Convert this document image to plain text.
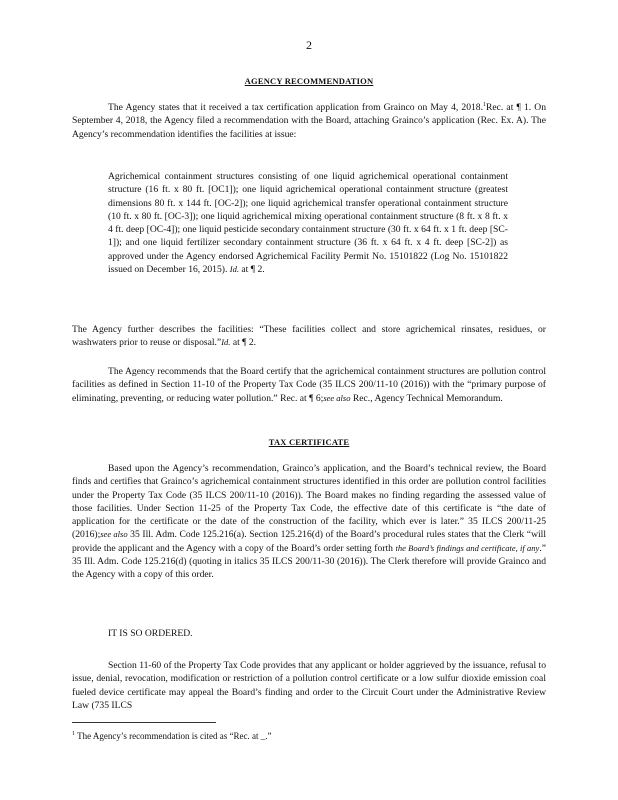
2
AGENCY RECOMMENDATION

The Agency states that it received a tax certification application from Grainco on May 4, 2018.$^1$Rec. at ¶ 1. On September 4, 2018, the Agency filed a recommendation with the Board, attaching Grainco’s application (Rec. Ex. A). The Agency’s recommendation identifies the facilities at issue:

Agrichemical containment structures consisting of one liquid agrichemical operational containment structure (16 ft. x 80 ft. [OC1]); one liquid agrichemical operational containment structure (greatest dimensions 80 ft. x 144 ft. [OC-2]); one liquid agrichemical transfer operational containment structure (10 ft. x 80 ft. [OC-3]); one liquid agrichemical mixing operational containment structure (8 ft. x 8 ft. x 4 ft. deep [OC-4]); one liquid pesticide secondary containment structure (30 ft. x 64 ft. x 1 ft. deep [SC-1]); and one liquid fertilizer secondary containment structure (36 ft. x 64 ft. x 4 ft. deep [SC-2]) as approved under the Agency endorsed Agrichemical Facility Permit No. 15101822 (Log No. 15101822 issued on December 16, 2015). Id. at ¶ 2.

The Agency further describes the facilities: “These facilities collect and store agrichemical rinsates, residues, or washwaters prior to reuse or disposal.”Id. at ¶ 2.

The Agency recommends that the Board certify that the agrichemical containment structures are pollution control facilities as defined in Section 11-10 of the Property Tax Code (35 ILCS 200/11-10 (2016)) with the “primary purpose of eliminating, preventing, or reducing water pollution.” Rec. at ¶ 6;see also Rec., Agency Technical Memorandum.

TAX CERTIFICATE

Based upon the Agency’s recommendation, Grainco’s application, and the Board’s technical review, the Board finds and certifies that Grainco’s agrichemical containment structures identified in this order are pollution control facilities under the Property Tax Code (35 ILCS 200/11-10 (2016)). The Board makes no finding regarding the assessed value of those facilities. Under Section 11-25 of the Property Tax Code, the effective date of this certificate is “the date of application for the certificate or the date of the construction of the facility, which ever is later.” 35 ILCS 200/11-25 (2016);see also 35 Ill. Adm. Code 125.216(a). Section 125.216(d) of the Board’s procedural rules states that the Clerk “will provide the applicant and the Agency with a copy of the Board’s order setting forth the Board’s findings and certificate, if any.” 35 Ill. Adm. Code 125.216(d) (quoting in italics 35 ILCS 200/11-30 (2016)). The Clerk therefore will provide Grainco and the Agency with a copy of this order.

IT IS SO ORDERED.

Section 11-60 of the Property Tax Code provides that any applicant or holder aggrieved by the issuance, refusal to issue, denial, revocation, modification or restriction of a pollution control certificate or a low sulfur dioxide emission coal fueled device certificate may appeal the Board’s finding and order to the Circuit Court under the Administrative Review Law (735 ILCS

$^1$ The Agency’s recommendation is cited as “Rec. at _.”
